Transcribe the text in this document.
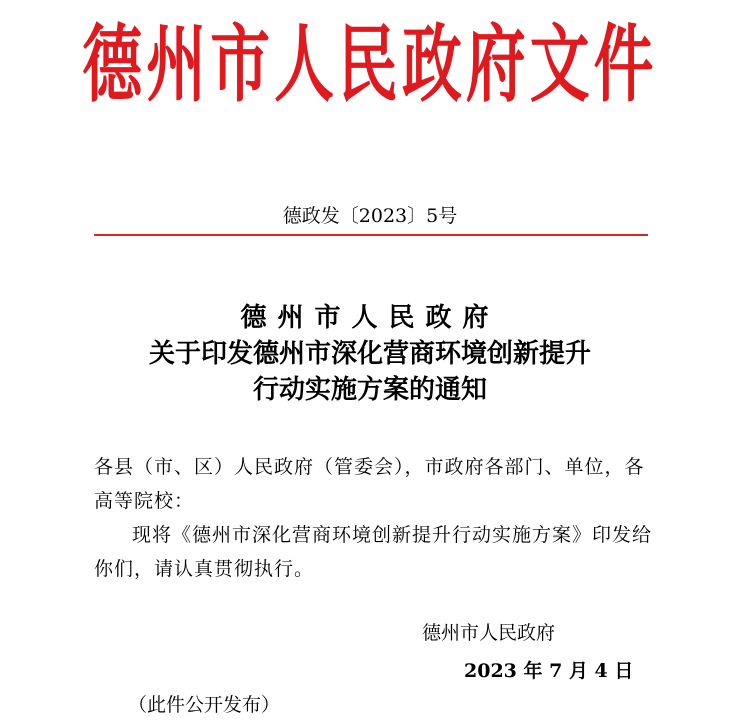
德州市人民政府文件
德政发〔2023〕5号
德州市人民政府
关于印发德州市深化营商环境创新提升
行动实施方案的通知
各县（市、区）人民政府（管委会），市政府各部门、单位，各高等院校：
现将《德州市深化营商环境创新提升行动实施方案》印发给你们，请认真贯彻执行。
德州市人民政府
2023 年 7 月 4 日
（此件公开发布）
